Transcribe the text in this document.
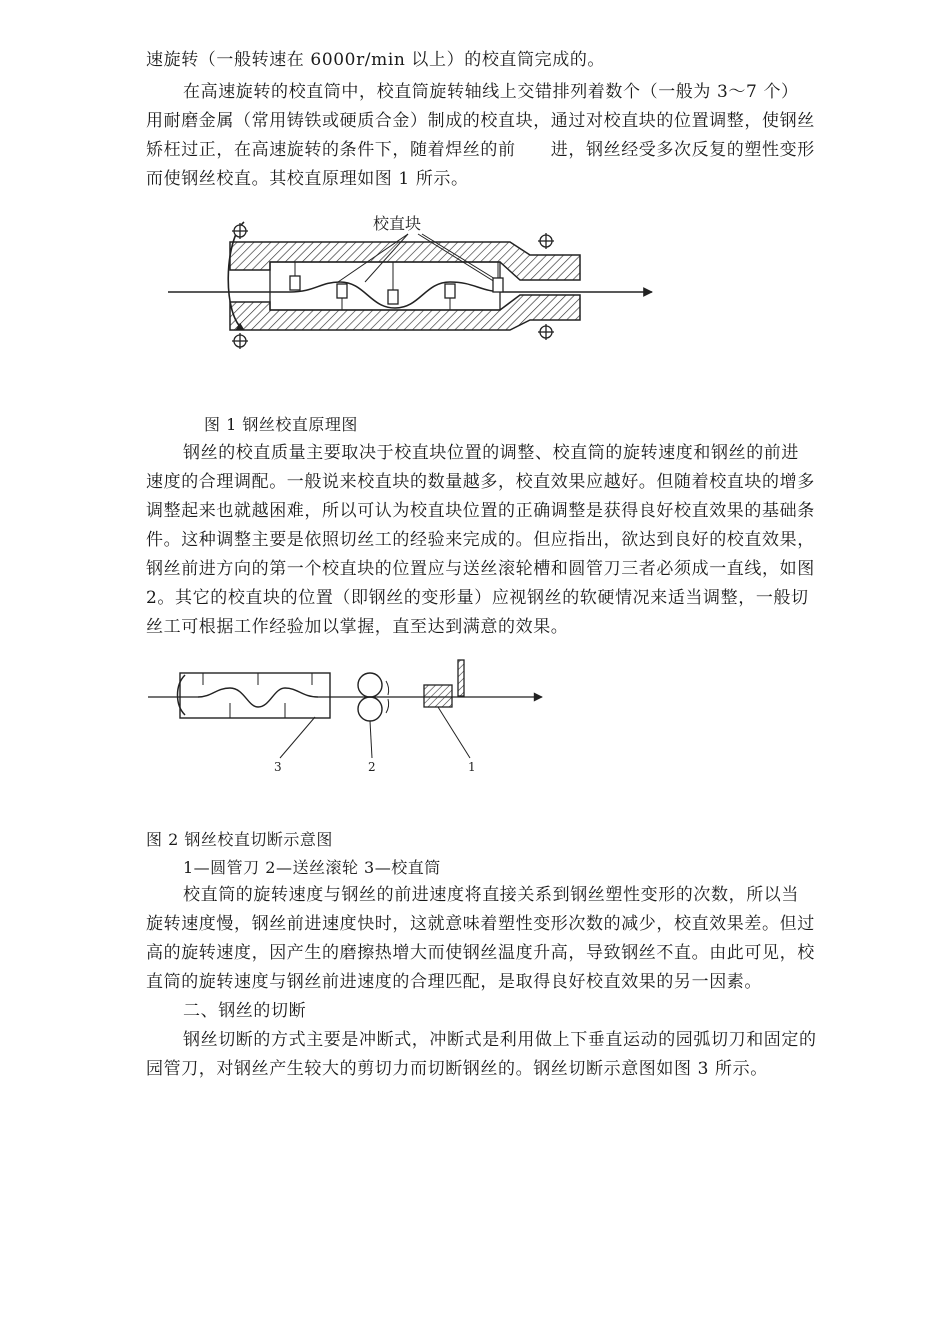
速旋转（一般转速在 6000r/min 以上）的校直筒完成的。
在高速旋转的校直筒中，校直筒旋转轴线上交错排列着数个（一般为 3～7 个）
用耐磨金属（常用铸铁或硬质合金）制成的校直块，通过对校直块的位置调整，使钢丝
矫枉过正，在高速旋转的条件下，随着焊丝的前　　进，钢丝经受多次反复的塑性变形
而使钢丝校直。其校直原理如图 1 所示。
校直块
图 1 钢丝校直原理图
钢丝的校直质量主要取决于校直块位置的调整、校直筒的旋转速度和钢丝的前进
速度的合理调配。一般说来校直块的数量越多，校直效果应越好。但随着校直块的增多
调整起来也就越困难，所以可认为校直块位置的正确调整是获得良好校直效果的基础条
件。这种调整主要是依照切丝工的经验来完成的。但应指出，欲达到良好的校直效果，
钢丝前进方向的第一个校直块的位置应与送丝滚轮槽和圆管刀三者必须成一直线，如图
2。其它的校直块的位置（即钢丝的变形量）应视钢丝的软硬情况来适当调整，一般切
丝工可根据工作经验加以掌握，直至达到满意的效果。
3	2	1
图 2 钢丝校直切断示意图
1—圆管刀 2—送丝滚轮 3—校直筒
校直筒的旋转速度与钢丝的前进速度将直接关系到钢丝塑性变形的次数，所以当
旋转速度慢，钢丝前进速度快时，这就意味着塑性变形次数的减少，校直效果差。但过
高的旋转速度，因产生的磨擦热增大而使钢丝温度升高，导致钢丝不直。由此可见，校
直筒的旋转速度与钢丝前进速度的合理匹配，是取得良好校直效果的另一因素。
二、钢丝的切断
钢丝切断的方式主要是冲断式，冲断式是利用做上下垂直运动的园弧切刀和固定的
园管刀，对钢丝产生较大的剪切力而切断钢丝的。钢丝切断示意图如图 3 所示。
